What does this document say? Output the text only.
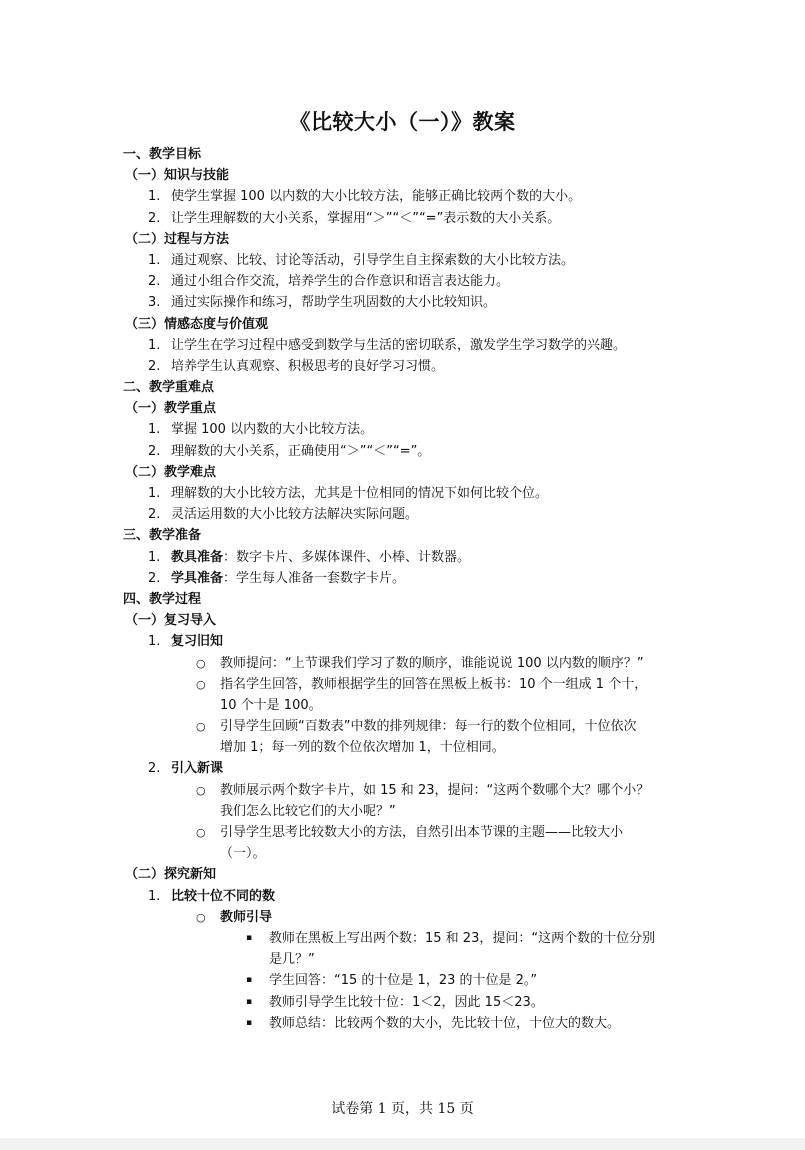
《比较大小（一）》教案
一、教学目标
（一）知识与技能
1. 使学生掌握 100 以内数的大小比较方法，能够正确比较两个数的大小。
2. 让学生理解数的大小关系，掌握用“＞”“＜”“=”表示数的大小关系。
（二）过程与方法
1. 通过观察、比较、讨论等活动，引导学生自主探索数的大小比较方法。
2. 通过小组合作交流，培养学生的合作意识和语言表达能力。
3. 通过实际操作和练习，帮助学生巩固数的大小比较知识。
（三）情感态度与价值观
1. 让学生在学习过程中感受到数学与生活的密切联系，激发学生学习数学的兴趣。
2. 培养学生认真观察、积极思考的良好学习习惯。
二、教学重难点
（一）教学重点
1. 掌握 100 以内数的大小比较方法。
2. 理解数的大小关系，正确使用“＞”“＜”“=”。
（二）教学难点
1. 理解数的大小比较方法，尤其是十位相同的情况下如何比较个位。
2. 灵活运用数的大小比较方法解决实际问题。
三、教学准备
1. 教具准备：数字卡片、多媒体课件、小棒、计数器。
2. 学具准备：学生每人准备一套数字卡片。
四、教学过程
（一）复习导入
1. 复习旧知
○ 教师提问：“上节课我们学习了数的顺序，谁能说说 100 以内数的顺序？”
○ 指名学生回答，教师根据学生的回答在黑板上板书：10 个一组成 1 个十，
10 个十是 100。
○ 引导学生回顾“百数表”中数的排列规律：每一行的数个位相同，十位依次
增加 1；每一列的数个位依次增加 1，十位相同。
2. 引入新课
○ 教师展示两个数字卡片，如 15 和 23，提问：“这两个数哪个大？哪个小？
我们怎么比较它们的大小呢？”
○ 引导学生思考比较数大小的方法，自然引出本节课的主题——比较大小
（一）。
（二）探究新知
1. 比较十位不同的数
○ 教师引导
▪ 教师在黑板上写出两个数：15 和 23，提问：“这两个数的十位分别
是几？”
▪ 学生回答：“15 的十位是 1，23 的十位是 2。”
▪ 教师引导学生比较十位：1＜2，因此 15＜23。
▪ 教师总结：比较两个数的大小，先比较十位，十位大的数大。
试卷第 1 页，共 15 页
